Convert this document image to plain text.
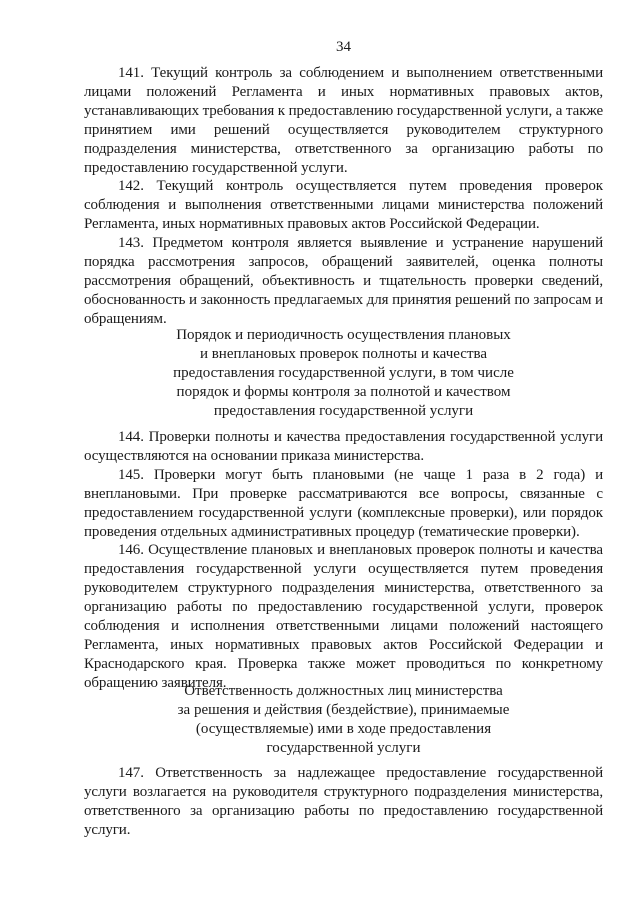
34

141. Текущий контроль за соблюдением и выполнением ответственными лицами положений Регламента и иных нормативных правовых актов, устанавливающих требования к предоставлению государственной услуги, а также принятием ими решений осуществляется руководителем структурного подразделения министерства, ответственного за организацию работы по предоставлению государственной услуги.

142. Текущий контроль осуществляется путем проведения проверок соблюдения и выполнения ответственными лицами министерства положений Регламента, иных нормативных правовых актов Российской Федерации.

143. Предметом контроля является выявление и устранение нарушений порядка рассмотрения запросов, обращений заявителей, оценка полноты рассмотрения обращений, объективность и тщательность проверки сведений, обоснованность и законность предлагаемых для принятия решений по запросам и обращениям.

Порядок и периодичность осуществления плановых
и внеплановых проверок полноты и качества
предоставления государственной услуги, в том числе
порядок и формы контроля за полнотой и качеством
предоставления государственной услуги

144. Проверки полноты и качества предоставления государственной услуги осуществляются на основании приказа министерства.

145. Проверки могут быть плановыми (не чаще 1 раза в 2 года) и внеплановыми. При проверке рассматриваются все вопросы, связанные с предоставлением государственной услуги (комплексные проверки), или порядок проведения отдельных административных процедур (тематические проверки).

146. Осуществление плановых и внеплановых проверок полноты и качества предоставления государственной услуги осуществляется путем проведения руководителем структурного подразделения министерства, ответственного за организацию работы по предоставлению государственной услуги, проверок соблюдения и исполнения ответственными лицами положений настоящего Регламента, иных нормативных правовых актов Российской Федерации и Краснодарского края. Проверка также может проводиться по конкретному обращению заявителя.

Ответственность должностных лиц министерства
за решения и действия (бездействие), принимаемые
(осуществляемые) ими в ходе предоставления
государственной услуги

147. Ответственность за надлежащее предоставление государственной услуги возлагается на руководителя структурного подразделения министерства, ответственного за организацию работы по предоставлению государственной услуги.
